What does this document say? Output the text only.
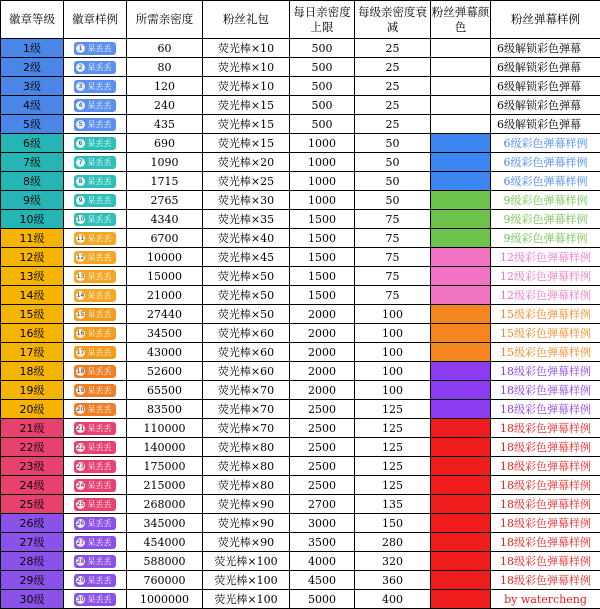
徽章等级	徽章样例	所需亲密度	粉丝礼包	每日亲密度上限	每级亲密度衰减	粉丝弹幕颜色	粉丝弹幕样例
1级	1 呆丢丢	60	荧光棒×10	500	25		6级解锁彩色弹幕
2级	2 呆丢丢	80	荧光棒×10	500	25		6级解锁彩色弹幕
3级	3 呆丢丢	120	荧光棒×10	500	25		6级解锁彩色弹幕
4级	4 呆丢丢	240	荧光棒×15	500	25		6级解锁彩色弹幕
5级	5 呆丢丢	435	荧光棒×15	500	25		6级解锁彩色弹幕
6级	6 呆丢丢	690	荧光棒×15	1000	50		6级彩色弹幕样例
7级	7 呆丢丢	1090	荧光棒×20	1000	50		6级彩色弹幕样例
8级	8 呆丢丢	1715	荧光棒×25	1000	50		6级彩色弹幕样例
9级	9 呆丢丢	2765	荧光棒×30	1000	50		9级彩色弹幕样例
10级	10 呆丢丢	4340	荧光棒×35	1500	75		9级彩色弹幕样例
11级	11 呆丢丢	6700	荧光棒×40	1500	75		9级彩色弹幕样例
12级	12 呆丢丢	10000	荧光棒×45	1500	75		12级彩色弹幕样例
13级	13 呆丢丢	15000	荧光棒×50	1500	75		12级彩色弹幕样例
14级	14 呆丢丢	21000	荧光棒×50	1500	75		12级彩色弹幕样例
15级	15 呆丢丢	27440	荧光棒×50	2000	100		15级彩色弹幕样例
16级	16 呆丢丢	34500	荧光棒×60	2000	100		15级彩色弹幕样例
17级	17 呆丢丢	43000	荧光棒×60	2000	100		15级彩色弹幕样例
18级	18 呆丢丢	52600	荧光棒×60	2000	100		18级彩色弹幕样例
19级	19 呆丢丢	65500	荧光棒×70	2000	100		18级彩色弹幕样例
20级	20 呆丢丢	83500	荧光棒×70	2500	125		18级彩色弹幕样例
21级	21 呆丢丢	110000	荧光棒×70	2500	125		18级彩色弹幕样例
22级	22 呆丢丢	140000	荧光棒×80	2500	125		18级彩色弹幕样例
23级	23 呆丢丢	175000	荧光棒×80	2500	125		18级彩色弹幕样例
24级	24 呆丢丢	215000	荧光棒×80	2500	125		18级彩色弹幕样例
25级	25 呆丢丢	268000	荧光棒×90	2700	135		18级彩色弹幕样例
26级	26 呆丢丢	345000	荧光棒×90	3000	150		18级彩色弹幕样例
27级	27 呆丢丢	454000	荧光棒×90	3500	280		18级彩色弹幕样例
28级	28 呆丢丢	588000	荧光棒×100	4000	320		18级彩色弹幕样例
29级	29 呆丢丢	760000	荧光棒×100	4500	360		18级彩色弹幕样例
30级	30 呆丢丢	1000000	荧光棒×100	5000	400		by watercheng
